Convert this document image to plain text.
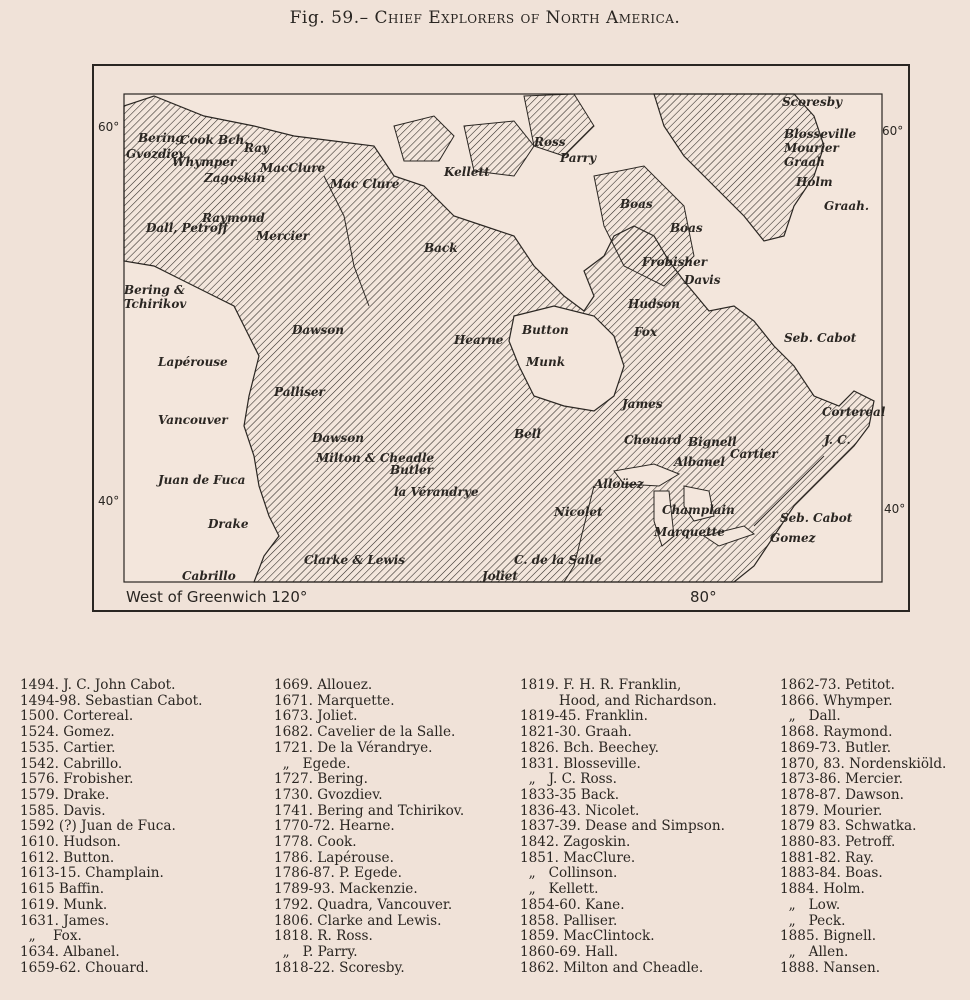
Fig. 59.– Chief Explorers of North America.
60°	60°
40°
40°
West of Greenwich 120°	80°
Bering
Gvozdiev
Cook Bch.
Ray
Whymper MacClure
Zagoskin	Mac Clure
Raymond
Dall, Petroff
Mercier
Bering &
Tchirikov
Kellett
Boas
Boas
Button
Munk
Hudson
Fox
Lapérouse
Dawson
Palliser
Hearne
Vancouver
Juan de Fuca
Dawson
Milton & Cheadle
Butler
Bell
James
Drake
la Vérandrye
Alloüez
Chouard
Albanel
Bignell
Champlain
Cartier
J. C.
Seb. Cabot
Seb. Cabot
Gomez
Cortereal
Scoresby
Blosseville
Mourier
Graah
Holm
Graah.
Clarke & Lewis
Joliet
C. de la Salle
Cabrillo
Frobisher
Davis
Nicolet
Marquette
Ross
Parry
Back
1494. J. C. John Cabot.
1494-98. Sebastian Cabot.
1500. Cortereal.
1524. Gomez.
1535. Cartier.
1542. Cabrillo.
1576. Frobisher.
1579. Drake.
1585. Davis.
1592 (?) Juan de Fuca.
1610. Hudson.
1612. Button.
1613-15. Champlain.
1615 Baffin.
1619. Munk.
1631. James.
„    Fox.
1634. Albanel.
1659-62. Chouard.
1669. Allouez.
1671. Marquette.
1673. Joliet.
1682. Cavelier de la Salle.
1721. De la Vérandrye.
„   Egede.
1727. Bering.
1730. Gvozdiev.
1741. Bering and Tchirikov.
1770-72. Hearne.
1778. Cook.
1786. Lapérouse.
1786-87. P. Egede.
1789-93. Mackenzie.
1792. Quadra, Vancouver.
1806. Clarke and Lewis.
1818. R. Ross.
„   P. Parry.
1818-22. Scoresby.
1819. F. H. R. Franklin,
Hood, and Richardson.
1819-45. Franklin.
1821-30. Graah.
1826. Bch. Beechey.
1831. Blosseville.
„   J. C. Ross.
1833-35 Back.
1836-43. Nicolet.
1837-39. Dease and Simpson.
1842. Zagoskin.
1851. MacClure.
„   Collinson.
„   Kellett.
1854-60. Kane.
1858. Palliser.
1859. MacClintock.
1860-69. Hall.
1862. Milton and Cheadle.
1862-73. Petitot.
1866. Whymper.
„   Dall.
1868. Raymond.
1869-73. Butler.
1870, 83. Nordenskiöld.
1873-86. Mercier.
1878-87. Dawson.
1879. Mourier.
1879 83. Schwatka.
1880-83. Petroff.
1881-82. Ray.
1883-84. Boas.
1884. Holm.
„   Low.
„   Peck.
1885. Bignell.
„   Allen.
1888. Nansen.
